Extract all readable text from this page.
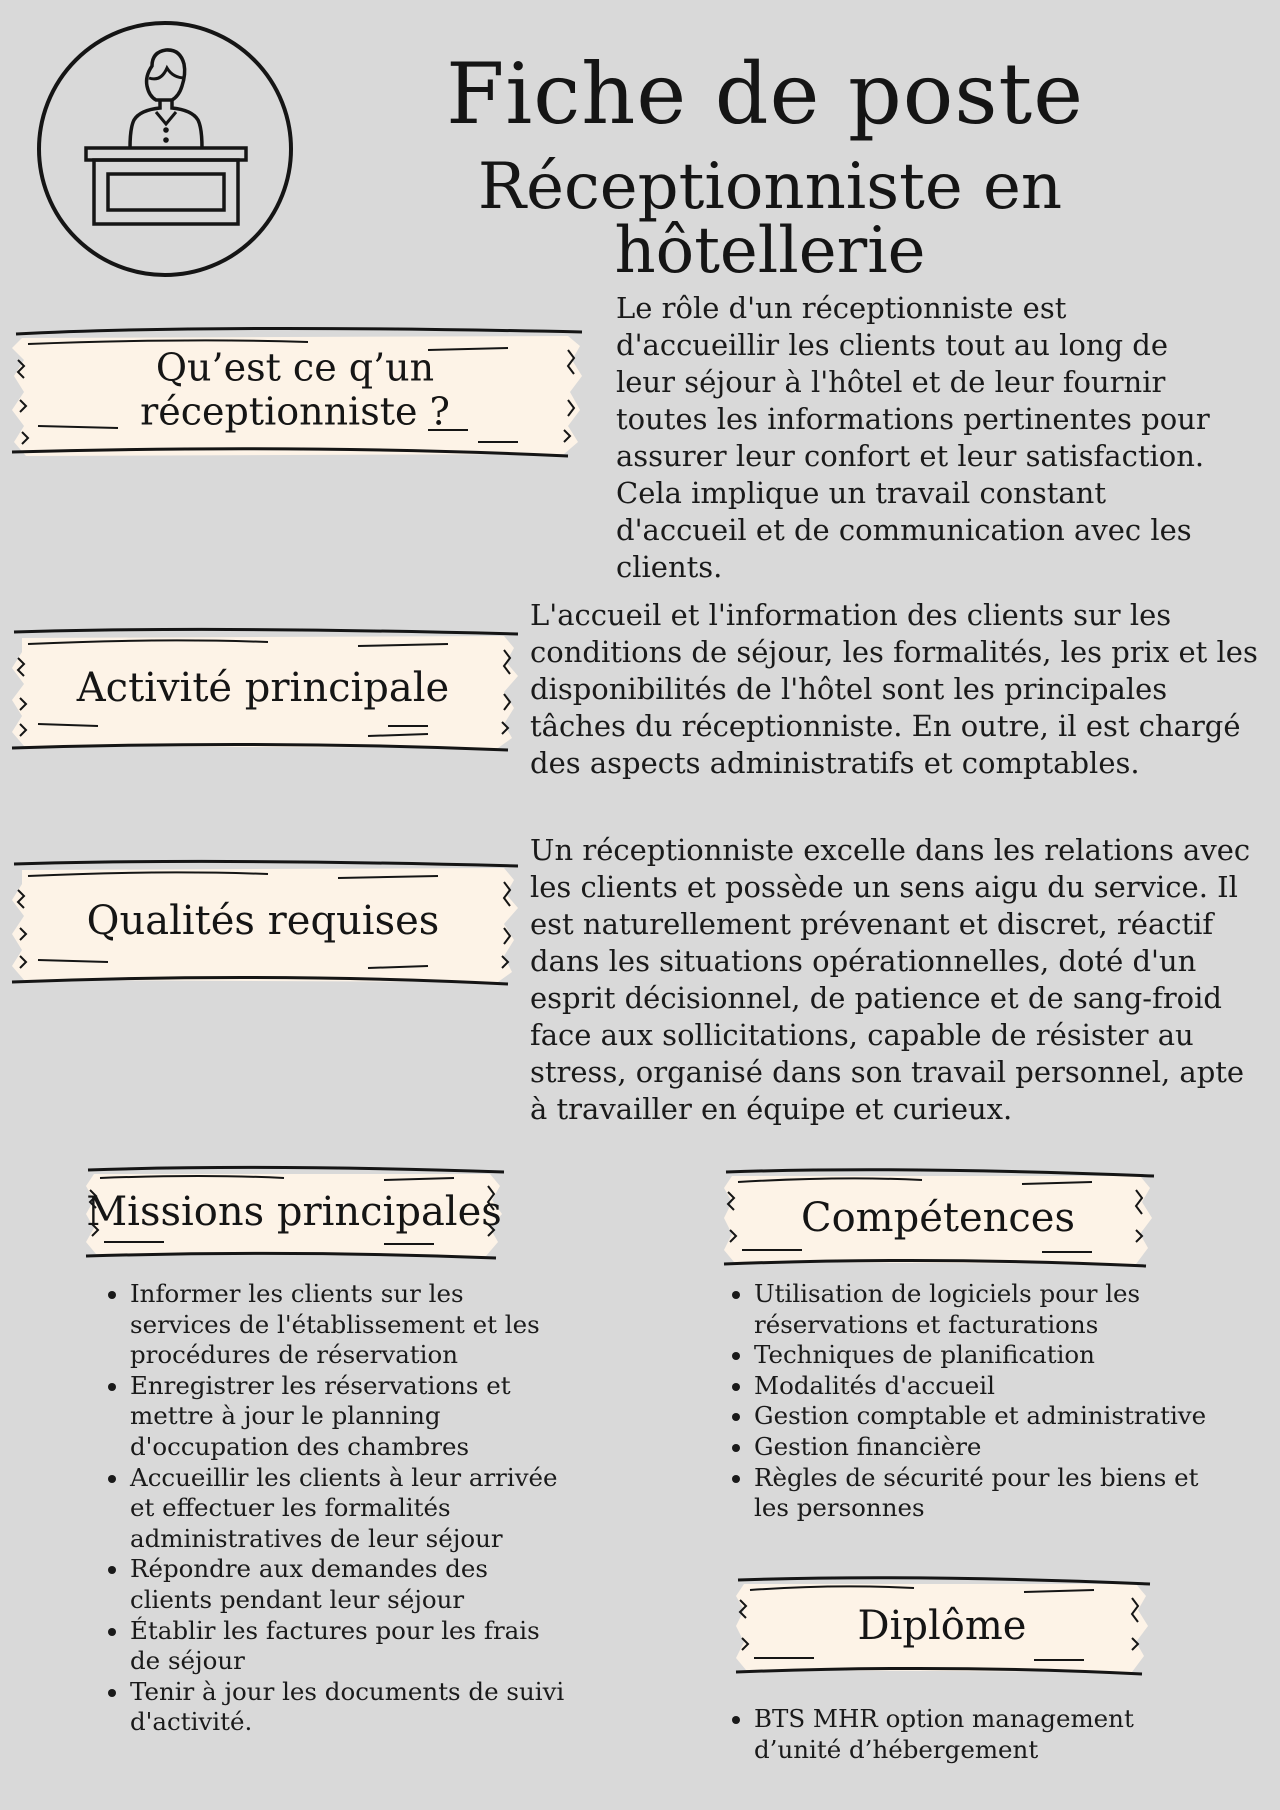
Fiche de poste
Réceptionniste en hôtellerie
Qu’est ce q’un
réceptionniste ?
Le rôle d'un réceptionniste est d'accueillir les clients tout au long de leur séjour à l'hôtel et de leur fournir toutes les informations pertinentes pour assurer leur confort et leur satisfaction. Cela implique un travail constant d'accueil et de communication avec les clients.
Activité principale
L'accueil et l'information des clients sur les conditions de séjour, les formalités, les prix et les disponibilités de l'hôtel sont les principales tâches du réceptionniste. En outre, il est chargé des aspects administratifs et comptables.
Qualités requises
Un réceptionniste excelle dans les relations avec les clients et possède un sens aigu du service. Il est naturellement prévenant et discret, réactif dans les situations opérationnelles, doté d'un esprit décisionnel, de patience et de sang-froid face aux sollicitations, capable de résister au stress, organisé dans son travail personnel, apte à travailler en équipe et curieux.
Missions principales
• Informer les clients sur les services de l'établissement et les procédures de réservation
• Enregistrer les réservations et mettre à jour le planning d'occupation des chambres
• Accueillir les clients à leur arrivée et effectuer les formalités administratives de leur séjour
• Répondre aux demandes des clients pendant leur séjour
• Établir les factures pour les frais de séjour
• Tenir à jour les documents de suivi d'activité.
Compétences
• Utilisation de logiciels pour les réservations et facturations
• Techniques de planification
• Modalités d'accueil
• Gestion comptable et administrative
• Gestion financière
• Règles de sécurité pour les biens et les personnes
Diplôme
• BTS MHR option management d’unité d’hébergement
